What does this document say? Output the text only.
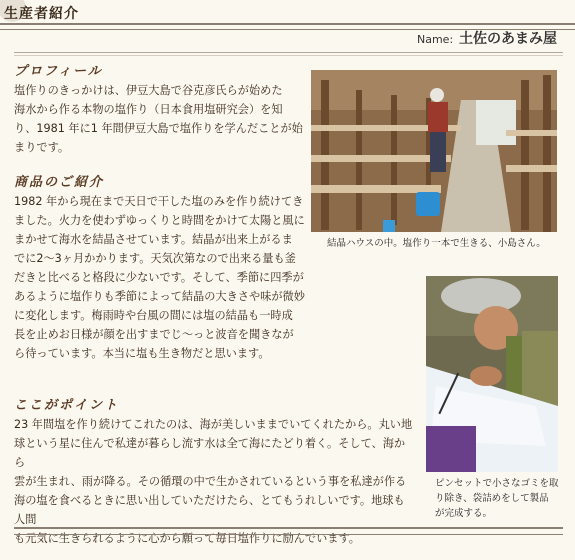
生産者紹介
Name: 土佐のあまみ屋
プロフィール
塩作りのきっかけは、伊豆大島で谷克彦氏らが始めた
海水から作る本物の塩作り（日本食用塩研究会）を知
り、1981 年に1 年間伊豆大島で塩作りを学んだことが始
まりです。
商品のご紹介
1982 年から現在まで天日で干した塩のみを作り続けてき
ました。火力を使わずゆっくりと時間をかけて太陽と風に
まかせて海水を結晶させています。結晶が出来上がるま
でに2～3ヶ月かかります。天気次第なので出来る量も釜
だきと比べると格段に少ないです。そして、季節に四季が
あるように塩作りも季節によって結晶の大きさや味が微妙
に変化します。梅雨時や台風の間には塩の結晶も一時成
長を止めお日様が顔を出すまでじ～っと波音を聞きなが
ら待っています。本当に塩も生き物だと思います。
ここがポイント
23 年間塩を作り続けてこれたのは、海が美しいままでいてくれたから。丸い地
球という星に住んで私達が暮らし流す水は全て海にたどり着く。そして、海から
雲が生まれ、雨が降る。その循環の中で生かされているという事を私達が作る
海の塩を食べるときに思い出していただけたら、とてもうれしいです。地球も人間
も元気に生きられるように心から願って毎日塩作りに励んでいます。
結晶ハウスの中。塩作り一本で生きる、小島さん。
ピンセットで小さなゴミを取
り除き、袋詰めをして製品
が完成する。
